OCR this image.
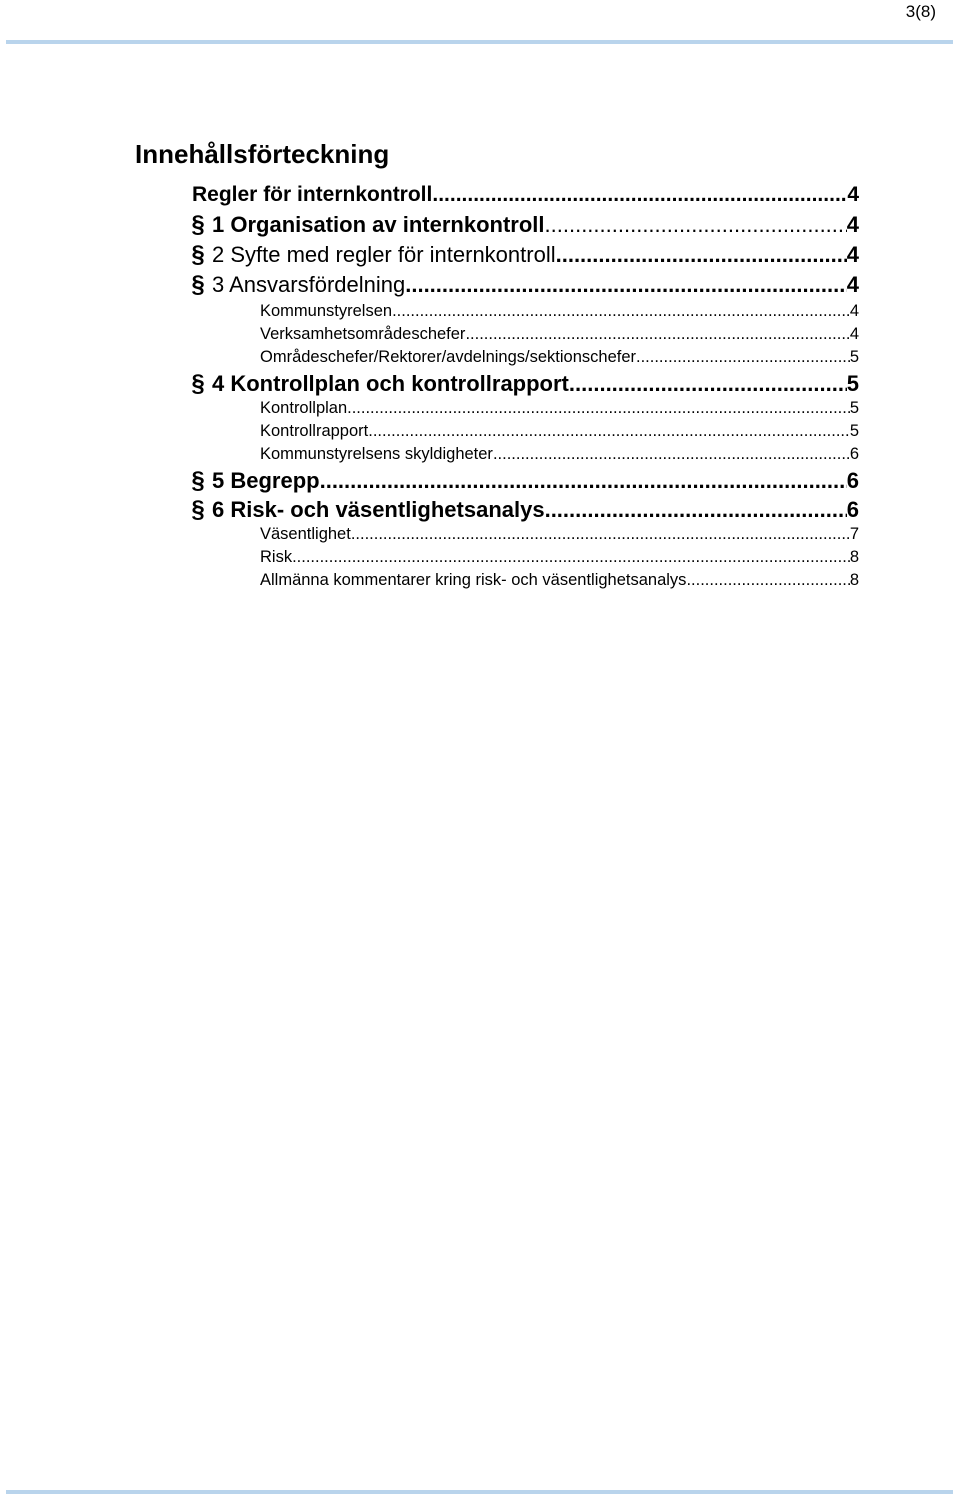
3(8)
Innehållsförteckning
Regler för internkontroll .....	4
§ 1 Organisation av internkontroll .....	4
§ 2 Syfte med regler för internkontroll .....	4
§ 3 Ansvarsfördelning .....	4
Kommunstyrelsen .....	4
Verksamhetsområdeschefer .....	4
Områdeschefer/Rektorer/avdelnings/sektionschefer .....	5
§ 4 Kontrollplan och kontrollrapport .....	5
Kontrollplan .....	5
Kontrollrapport .....	5
Kommunstyrelsens skyldigheter .....	6
§ 5 Begrepp .....	6
§ 6 Risk- och väsentlighetsanalys .....	6
Väsentlighet .....	7
Risk .....	8
Allmänna kommentarer kring risk- och väsentlighetsanalys .....	8
